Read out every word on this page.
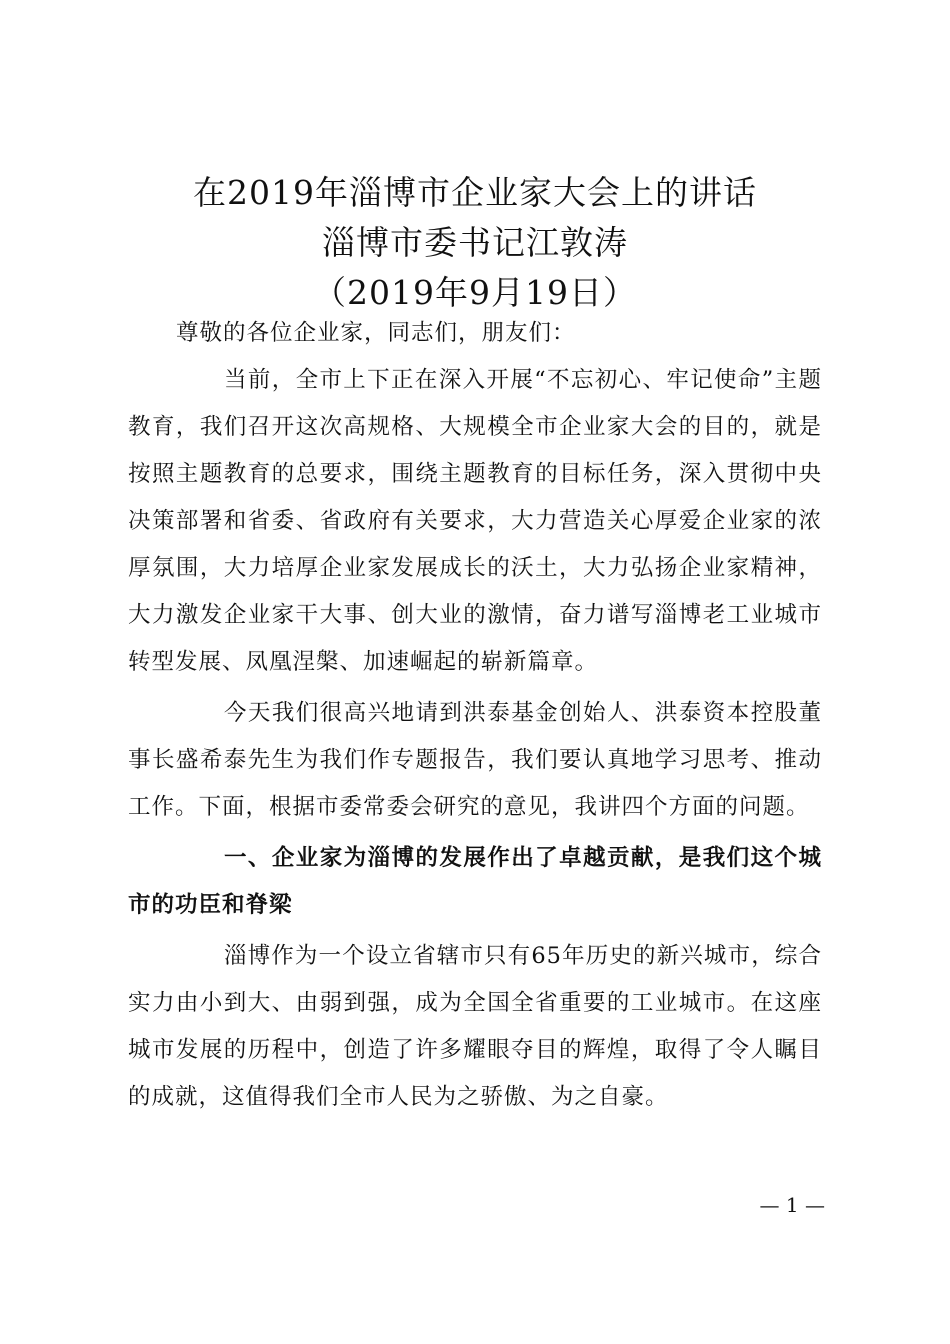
在2019年淄博市企业家大会上的讲话
淄博市委书记江敦涛
（2019年9月19日）

尊敬的各位企业家，同志们，朋友们：

当前，全市上下正在深入开展“不忘初心、牢记使命”主题教育，我们召开这次高规格、大规模全市企业家大会的目的，就是按照主题教育的总要求，围绕主题教育的目标任务，深入贯彻中央决策部署和省委、省政府有关要求，大力营造关心厚爱企业家的浓厚氛围，大力培厚企业家发展成长的沃土，大力弘扬企业家精神，大力激发企业家干大事、创大业的激情，奋力谱写淄博老工业城市转型发展、凤凰涅槃、加速崛起的崭新篇章。

今天我们很高兴地请到洪泰基金创始人、洪泰资本控股董事长盛希泰先生为我们作专题报告，我们要认真地学习思考、推动工作。下面，根据市委常委会研究的意见，我讲四个方面的问题。

一、企业家为淄博的发展作出了卓越贡献，是我们这个城市的功臣和脊梁

淄博作为一个设立省辖市只有65年历史的新兴城市，综合实力由小到大、由弱到强，成为全国全省重要的工业城市。在这座城市发展的历程中，创造了许多耀眼夺目的辉煌，取得了令人瞩目的成就，这值得我们全市人民为之骄傲、为之自豪。

— 1 —
